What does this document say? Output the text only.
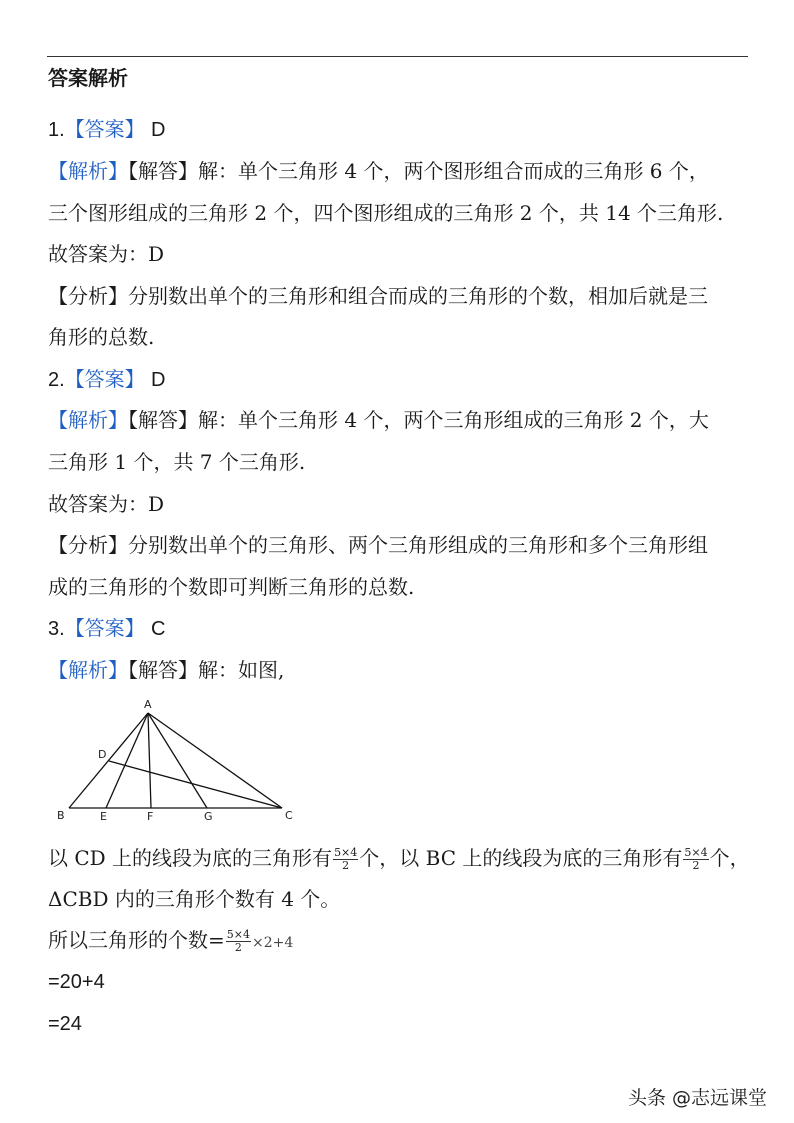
答案解析
1.【答案】 D
【解析】【解答】解：单个三角形 4 个，两个图形组合而成的三角形 6 个，
三个图形组成的三角形 2 个，四个图形组成的三角形 2 个，共 14 个三角形.
故答案为：D
【分析】分别数出单个的三角形和组合而成的三角形的个数，相加后就是三
角形的总数.
2.【答案】 D
【解析】【解答】解：单个三角形 4 个，两个三角形组成的三角形 2 个，大
三角形 1 个，共 7 个三角形.
故答案为：D
【分析】分别数出单个的三角形、两个三角形组成的三角形和多个三角形组
成的三角形的个数即可判断三角形的总数.
3.【答案】 C
【解析】【解答】解：如图,
A
D
B	E	F	G	C
以 CD 上的线段为底的三角形有 $\frac{5\times 4}{2}$ 个，以 BC 上的线段为底的三角形有 $\frac{5\times 4}{2}$ 个，
ΔCBD 内的三角形个数有 4 个。
所以三角形的个数= $\frac{5\times 4}{2} \times 2+4$
=20+4
=24
头条 @志远课堂
